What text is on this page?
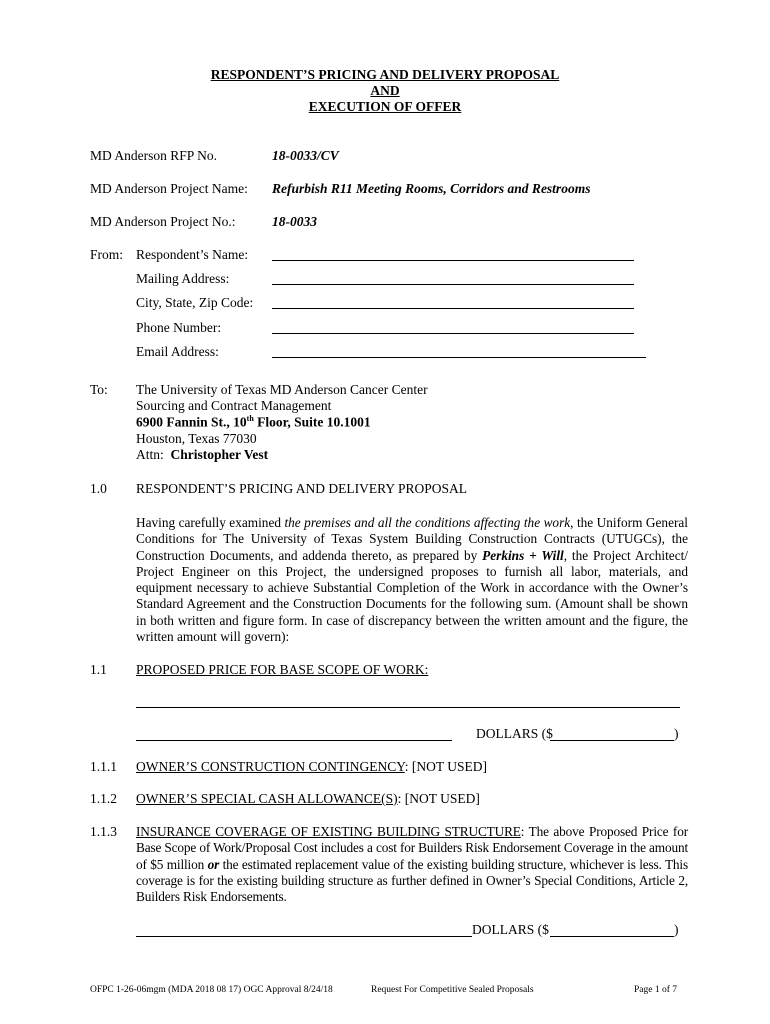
RESPONDENT’S PRICING AND DELIVERY PROPOSAL
AND
EXECUTION OF OFFER
MD Anderson RFP No.	18-0033/CV
MD Anderson Project Name: Refurbish R11 Meeting Rooms, Corridors and Restrooms
MD Anderson Project No.:	18-0033
From: Respondent’s Name:
Mailing Address:
City, State, Zip Code:
Phone Number:
Email Address:
To: The University of Texas MD Anderson Cancer Center
Sourcing and Contract Management
6900 Fannin St., 10th Floor, Suite 10.1001
Houston, Texas 77030
Attn: Christopher Vest
1.0 RESPONDENT’S PRICING AND DELIVERY PROPOSAL
Having carefully examined the premises and all the conditions affecting the work, the Uniform General Conditions for The University of Texas System Building Construction Contracts (UTUGCs), the Construction Documents, and addenda thereto, as prepared by Perkins + Will, the Project Architect/ Project Engineer on this Project, the undersigned proposes to furnish all labor, materials, and equipment necessary to achieve Substantial Completion of the Work in accordance with the Owner’s Standard Agreement and the Construction Documents for the following sum. (Amount shall be shown in both written and figure form. In case of discrepancy between the written amount and the figure, the written amount will govern):
1.1 PROPOSED PRICE FOR BASE SCOPE OF WORK:
DOLLARS ($	)
1.1.1 OWNER’S CONSTRUCTION CONTINGENCY: [NOT USED]
1.1.2 OWNER’S SPECIAL CASH ALLOWANCE(S): [NOT USED]
1.1.3 INSURANCE COVERAGE OF EXISTING BUILDING STRUCTURE: The above Proposed Price for Base Scope of Work/Proposal Cost includes a cost for Builders Risk Endorsement Coverage in the amount of $5 million or the estimated replacement value of the existing building structure, whichever is less. This coverage is for the existing building structure as further defined in Owner’s Special Conditions, Article 2, Builders Risk Endorsements.
DOLLARS ($	)
OFPC 1-26-06mgm (MDA 2018 08 17) OGC Approval 8/24/18	Request For Competitive Sealed Proposals	Page 1 of 7
